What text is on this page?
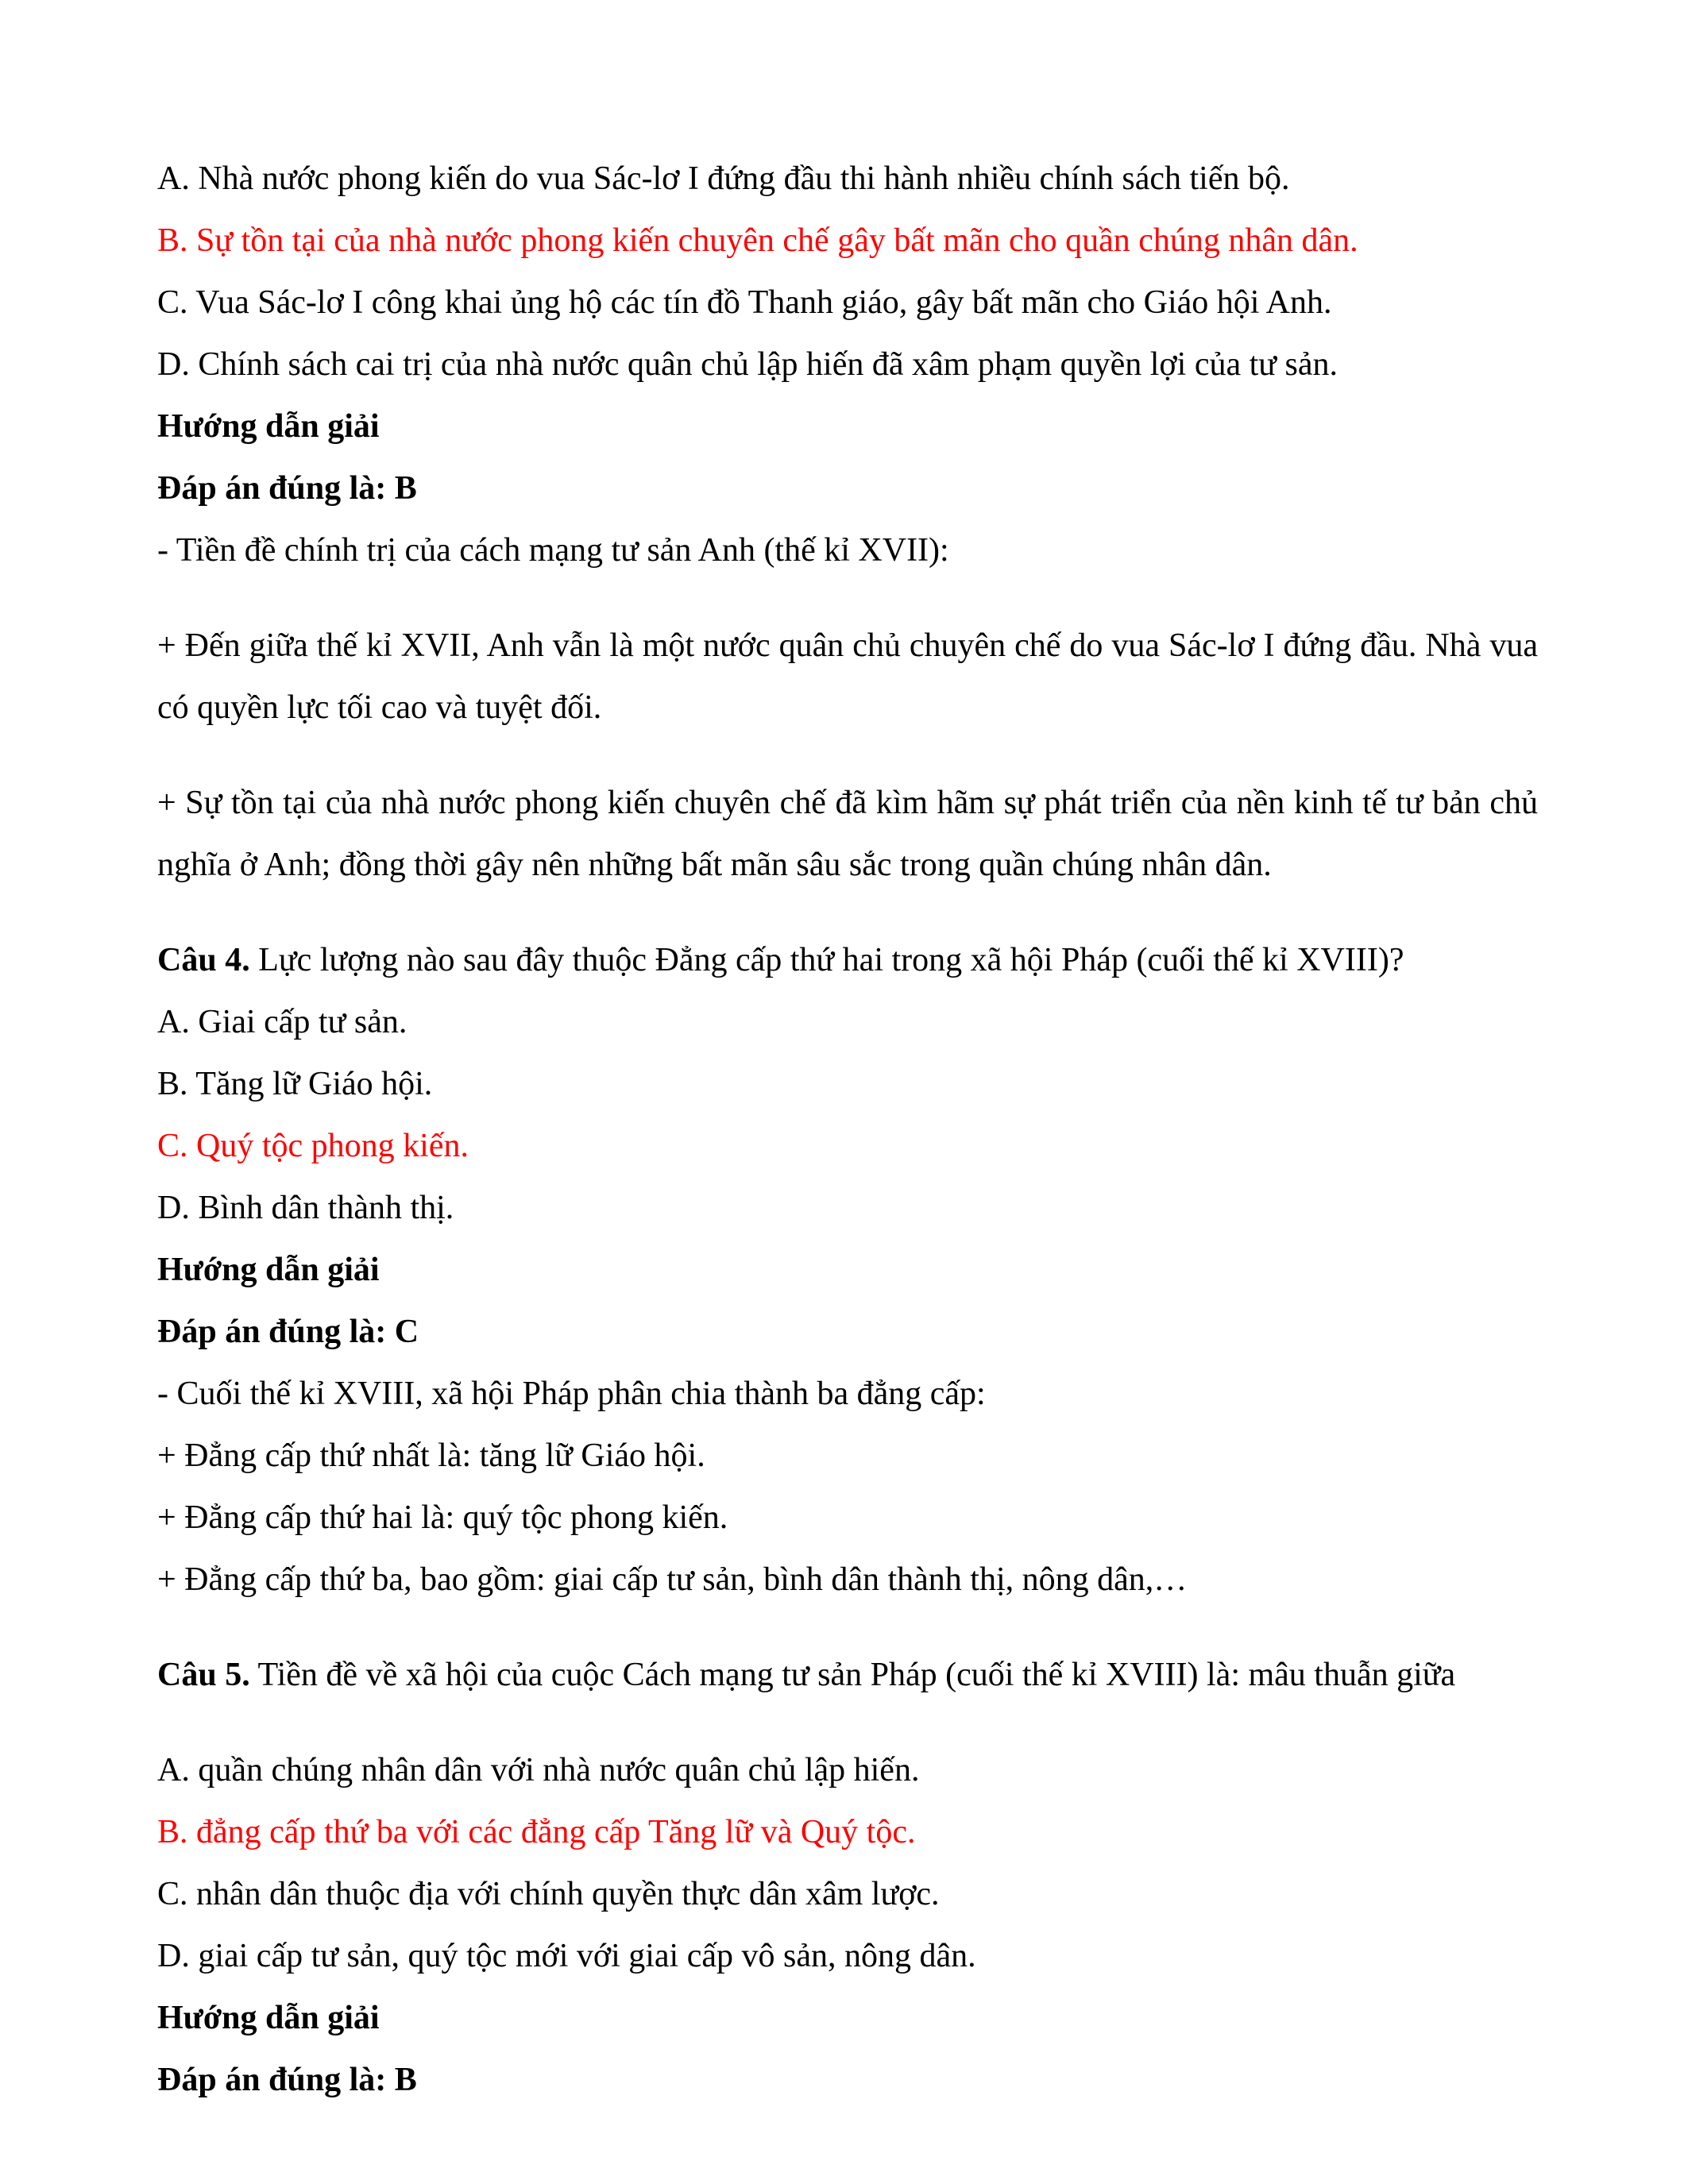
A. Nhà nước phong kiến do vua Sác-lơ I đứng đầu thi hành nhiều chính sách tiến bộ.

B. Sự tồn tại của nhà nước phong kiến chuyên chế gây bất mãn cho quần chúng nhân dân.

C. Vua Sác-lơ I công khai ủng hộ các tín đồ Thanh giáo, gây bất mãn cho Giáo hội Anh.

D. Chính sách cai trị của nhà nước quân chủ lập hiến đã xâm phạm quyền lợi của tư sản.

Hướng dẫn giải

Đáp án đúng là: B

- Tiền đề chính trị của cách mạng tư sản Anh (thế kỉ XVII):

+ Đến giữa thế kỉ XVII, Anh vẫn là một nước quân chủ chuyên chế do vua Sác-lơ I đứng đầu. Nhà vua có quyền lực tối cao và tuyệt đối.

+ Sự tồn tại của nhà nước phong kiến chuyên chế đã kìm hãm sự phát triển của nền kinh tế tư bản chủ nghĩa ở Anh; đồng thời gây nên những bất mãn sâu sắc trong quần chúng nhân dân.

Câu 4. Lực lượng nào sau đây thuộc Đẳng cấp thứ hai trong xã hội Pháp (cuối thế kỉ XVIII)?

A. Giai cấp tư sản.

B. Tăng lữ Giáo hội.

C. Quý tộc phong kiến.

D. Bình dân thành thị.

Hướng dẫn giải

Đáp án đúng là: C

- Cuối thế kỉ XVIII, xã hội Pháp phân chia thành ba đẳng cấp:

+ Đẳng cấp thứ nhất là: tăng lữ Giáo hội.

+ Đẳng cấp thứ hai là: quý tộc phong kiến.

+ Đẳng cấp thứ ba, bao gồm: giai cấp tư sản, bình dân thành thị, nông dân,…

Câu 5. Tiền đề về xã hội của cuộc Cách mạng tư sản Pháp (cuối thế kỉ XVIII) là: mâu thuẫn giữa

A. quần chúng nhân dân với nhà nước quân chủ lập hiến.

B. đẳng cấp thứ ba với các đẳng cấp Tăng lữ và Quý tộc.

C. nhân dân thuộc địa với chính quyền thực dân xâm lược.

D. giai cấp tư sản, quý tộc mới với giai cấp vô sản, nông dân.

Hướng dẫn giải

Đáp án đúng là: B
